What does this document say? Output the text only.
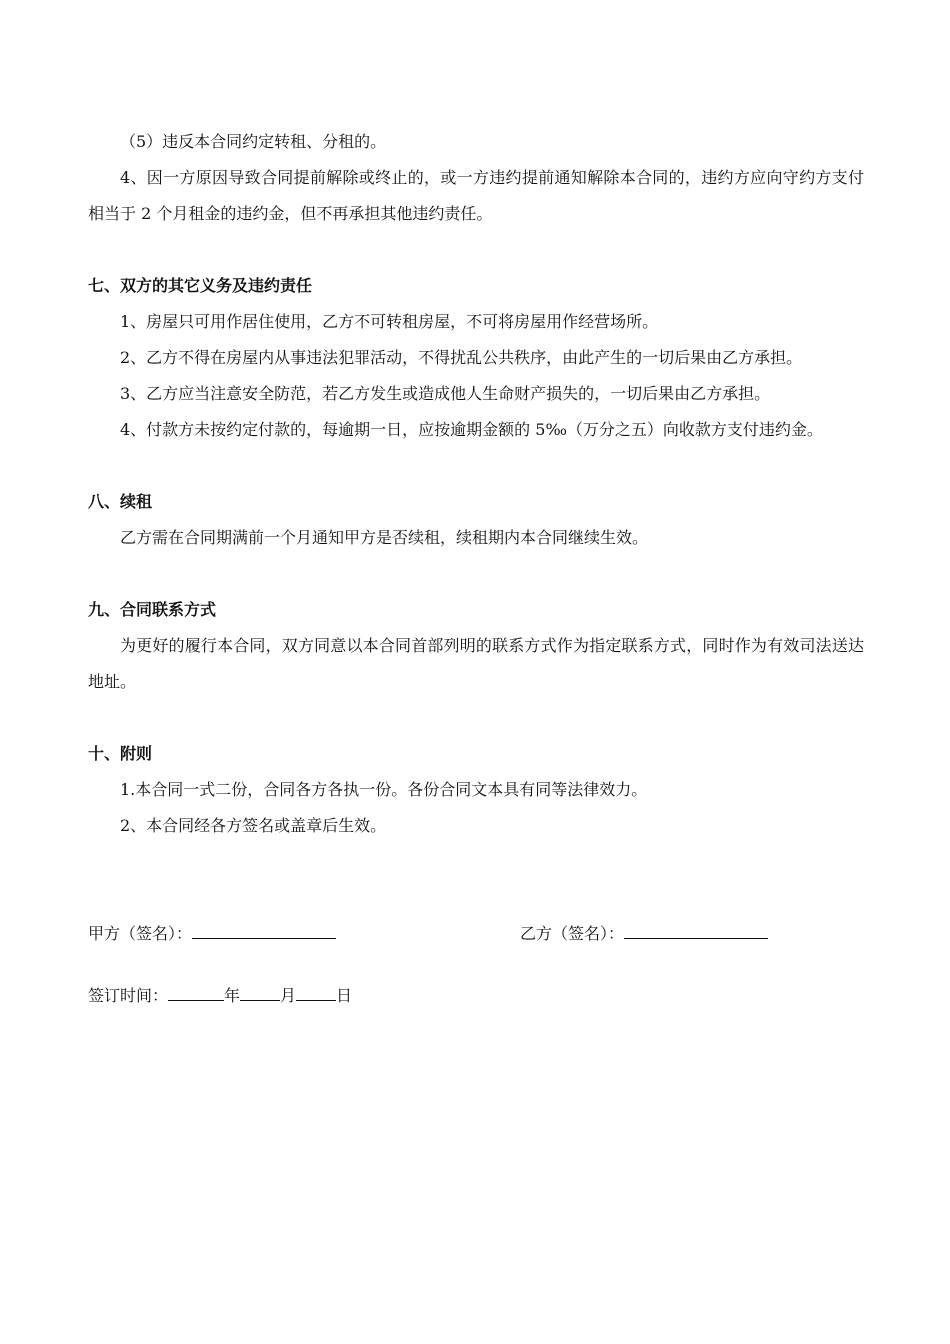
（5）违反本合同约定转租、分租的。

4、因一方原因导致合同提前解除或终止的，或一方违约提前通知解除本合同的，违约方应向守约方支付相当于 2 个月租金的违约金，但不再承担其他违约责任。

七、双方的其它义务及违约责任

1、房屋只可用作居住使用，乙方不可转租房屋，不可将房屋用作经营场所。

2、乙方不得在房屋内从事违法犯罪活动，不得扰乱公共秩序，由此产生的一切后果由乙方承担。

3、乙方应当注意安全防范，若乙方发生或造成他人生命财产损失的，一切后果由乙方承担。

4、付款方未按约定付款的，每逾期一日，应按逾期金额的 5‰（万分之五）向收款方支付违约金。

八、续租

乙方需在合同期满前一个月通知甲方是否续租，续租期内本合同继续生效。

九、合同联系方式

为更好的履行本合同，双方同意以本合同首部列明的联系方式作为指定联系方式，同时作为有效司法送达地址。

十、附则

1.本合同一式二份，合同各方各执一份。各份合同文本具有同等法律效力。

2、本合同经各方签名或盖章后生效。

甲方（签名）：	乙方（签名）：
签订时间：	年	月	日
